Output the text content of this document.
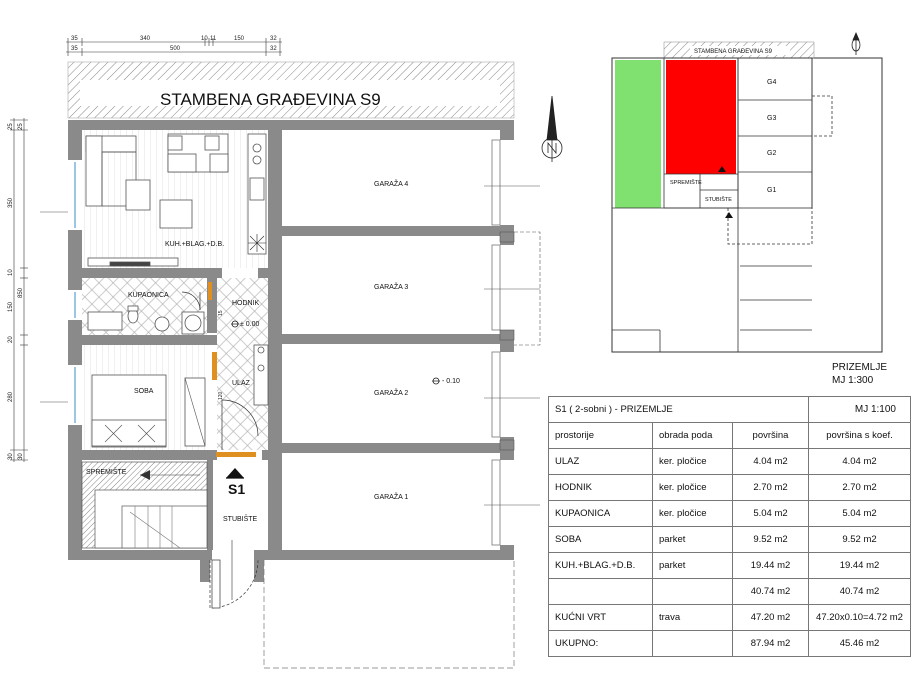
35	340	10 11	150	32
35	500	32
25 25
350
10
850
150
20
280
30 30
STAMBENA GRAĐEVINA S9
KUH.+BLAG.+D.B.
KUPAONICA
HODNIK
ULAZ
SOBA
SPREMIŠTE
STUBIŠTE
GARAŽA 4
GARAŽA 3
GARAŽA 2
GARAŽA 1
± 0.00
- 0.10
15
120
S1
STAMBENA GRAĐEVINA S9
G4
G3
G2
G1
SPREMIŠTE
STUBIŠTE
PRIZEMLJE
MJ 1:300
S1 ( 2-sobni ) - PRIZEMLJE			MJ 1:100
prostorije	obrada poda	površina	površina s koef.
ULAZ	ker. pločice	4.04 m2	4.04 m2
HODNIK	ker. pločice	2.70 m2	2.70 m2
KUPAONICA	ker. pločice	5.04 m2	5.04 m2
SOBA	parket	9.52 m2	9.52 m2
KUH.+BLAG.+D.B.	parket	19.44 m2	19.44 m2
		40.74 m2	40.74 m2
KUĆNI VRT	trava	47.20 m2	47.20x0.10=4.72 m2
UKUPNO:		87.94 m2	45.46 m2
